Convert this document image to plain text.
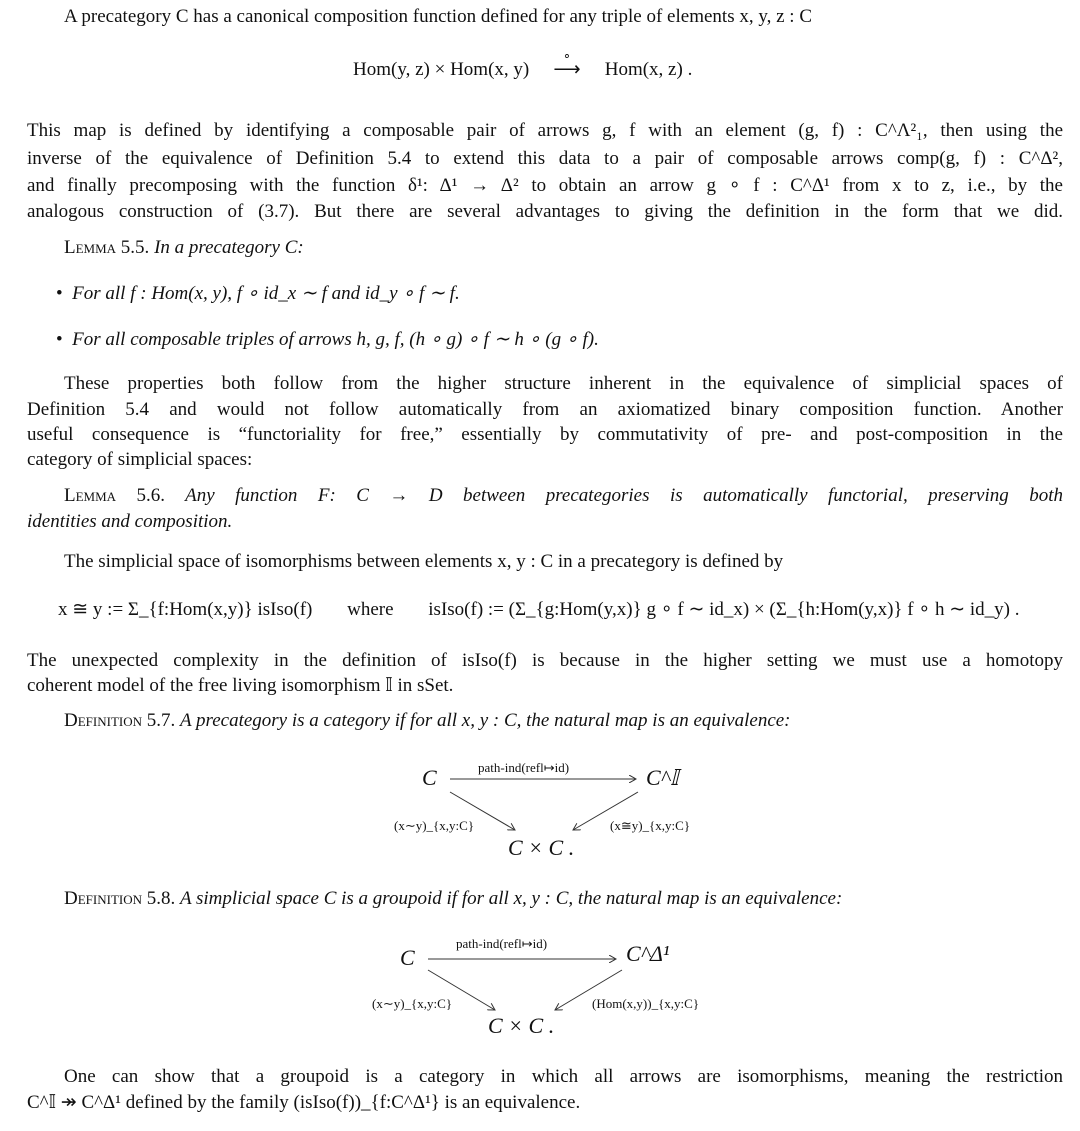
A precategory C has a canonical composition function defined for any triple of elements x, y, z : C
Hom(y, z) × Hom(x, y)
∘
⟶ Hom(x, z) .
This map is defined by identifying a composable pair of arrows g, f with an element (g, f) : C^Λ²₁, then using the
inverse of the equivalence of Definition 5.4 to extend this data to a pair of composable arrows comp(g, f) : C^Δ²,
and finally precomposing with the function δ¹: Δ¹ → Δ² to obtain an arrow g ∘ f : C^Δ¹ from x to z, i.e., by the
analogous construction of (3.7). But there are several advantages to giving the definition in the form that we did.
Lemma 5.5. In a precategory C:
•  For all f : Hom(x, y), f ∘ id_x ∼ f and id_y ∘ f ∼ f.
•  For all composable triples of arrows h, g, f, (h ∘ g) ∘ f ∼ h ∘ (g ∘ f).
These properties both follow from the higher structure inherent in the equivalence of simplicial spaces of
Definition 5.4 and would not follow automatically from an axiomatized binary composition function. Another
useful consequence is “functoriality for free,” essentially by commutativity of pre- and post-composition in the
category of simplicial spaces:
Lemma 5.6. Any function F: C → D between precategories is automatically functorial, preserving both
identities and composition.
The simplicial space of isomorphisms between elements x, y : C in a precategory is defined by
x ≅ y := Σ_{f:Hom(x,y)} isIso(f) where isIso(f) := (Σ_{g:Hom(y,x)} g ∘ f ∼ id_x) × (Σ_{h:Hom(y,x)} f ∘ h ∼ id_y) .
The unexpected complexity in the definition of isIso(f) is because in the higher setting we must use a homotopy
coherent model of the free living isomorphism 𝕀 in sSet.
Definition 5.7. A precategory is a category if for all x, y : C, the natural map is an equivalence:
C	C^𝕀
C × C .
path-ind(refl↦id)
(x∼y)_{x,y:C}	(x≅y)_{x,y:C}
Definition 5.8. A simplicial space C is a groupoid if for all x, y : C, the natural map is an equivalence:
C	C^Δ¹
C × C .
path-ind(refl↦id)
(x∼y)_{x,y:C}	(Hom(x,y))_{x,y:C}
One can show that a groupoid is a category in which all arrows are isomorphisms, meaning the restriction
C^𝕀 ↠ C^Δ¹ defined by the family (isIso(f))_{f:C^Δ¹} is an equivalence.
